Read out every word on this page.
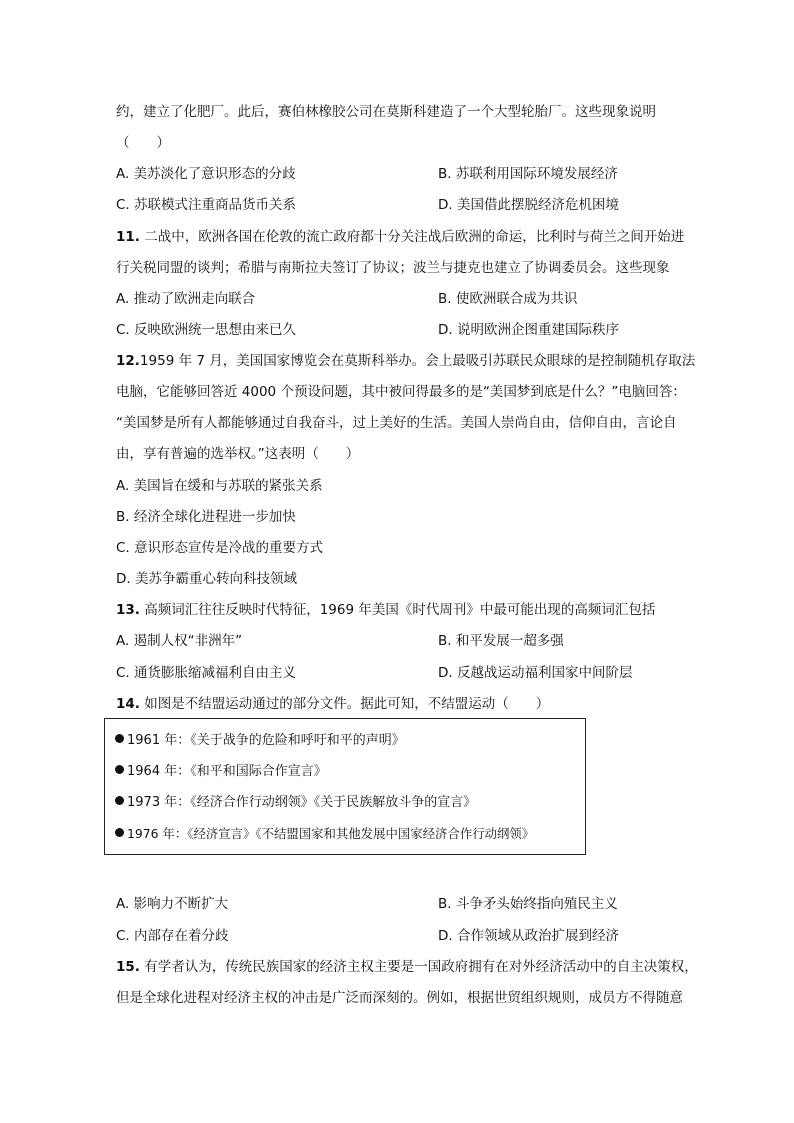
约，建立了化肥厂。此后，赛伯林橡胶公司在莫斯科建造了一个大型轮胎厂。这些现象说明
（　　）
A. 美苏淡化了意识形态的分歧	B. 苏联利用国际环境发展经济
C. 苏联模式注重商品货币关系	D. 美国借此摆脱经济危机困境
11. 二战中，欧洲各国在伦敦的流亡政府都十分关注战后欧洲的命运，比利时与荷兰之间开始进
行关税同盟的谈判；希腊与南斯拉夫签订了协议；波兰与捷克也建立了协调委员会。这些现象
A. 推动了欧洲走向联合	B. 使欧洲联合成为共识
C. 反映欧洲统一思想由来已久	D. 说明欧洲企图重建国际秩序
12.1959 年 7 月，美国国家博览会在莫斯科举办。会上最吸引苏联民众眼球的是控制随机存取法
电脑，它能够回答近 4000 个预设问题，其中被问得最多的是“美国梦到底是什么？”电脑回答：
“美国梦是所有人都能够通过自我奋斗，过上美好的生活。美国人崇尚自由，信仰自由，言论自
由，享有普遍的选举权。”这表明（　　）
A. 美国旨在缓和与苏联的紧张关系
B. 经济全球化进程进一步加快
C. 意识形态宣传是冷战的重要方式
D. 美苏争霸重心转向科技领域
13. 高频词汇往往反映时代特征，1969 年美国《时代周刊》中最可能出现的高频词汇包括
A. 遏制人权“非洲年”	B. 和平发展一超多强
C. 通货膨胀缩减福利自由主义	D. 反越战运动福利国家中间阶层
14. 如图是不结盟运动通过的部分文件。据此可知，不结盟运动（　　）
1961 年：《关于战争的危险和呼吁和平的声明》
1964 年：《和平和国际合作宣言》
1973 年：《经济合作行动纲领》《关于民族解放斗争的宣言》
1976 年：《经济宣言》《不结盟国家和其他发展中国家经济合作行动纲领》
A. 影响力不断扩大	B. 斗争矛头始终指向殖民主义
C. 内部存在着分歧	D. 合作领域从政治扩展到经济
15. 有学者认为，传统民族国家的经济主权主要是一国政府拥有在对外经济活动中的自主决策权，
但是全球化进程对经济主权的冲击是广泛而深刻的。例如，根据世贸组织规则，成员方不得随意
